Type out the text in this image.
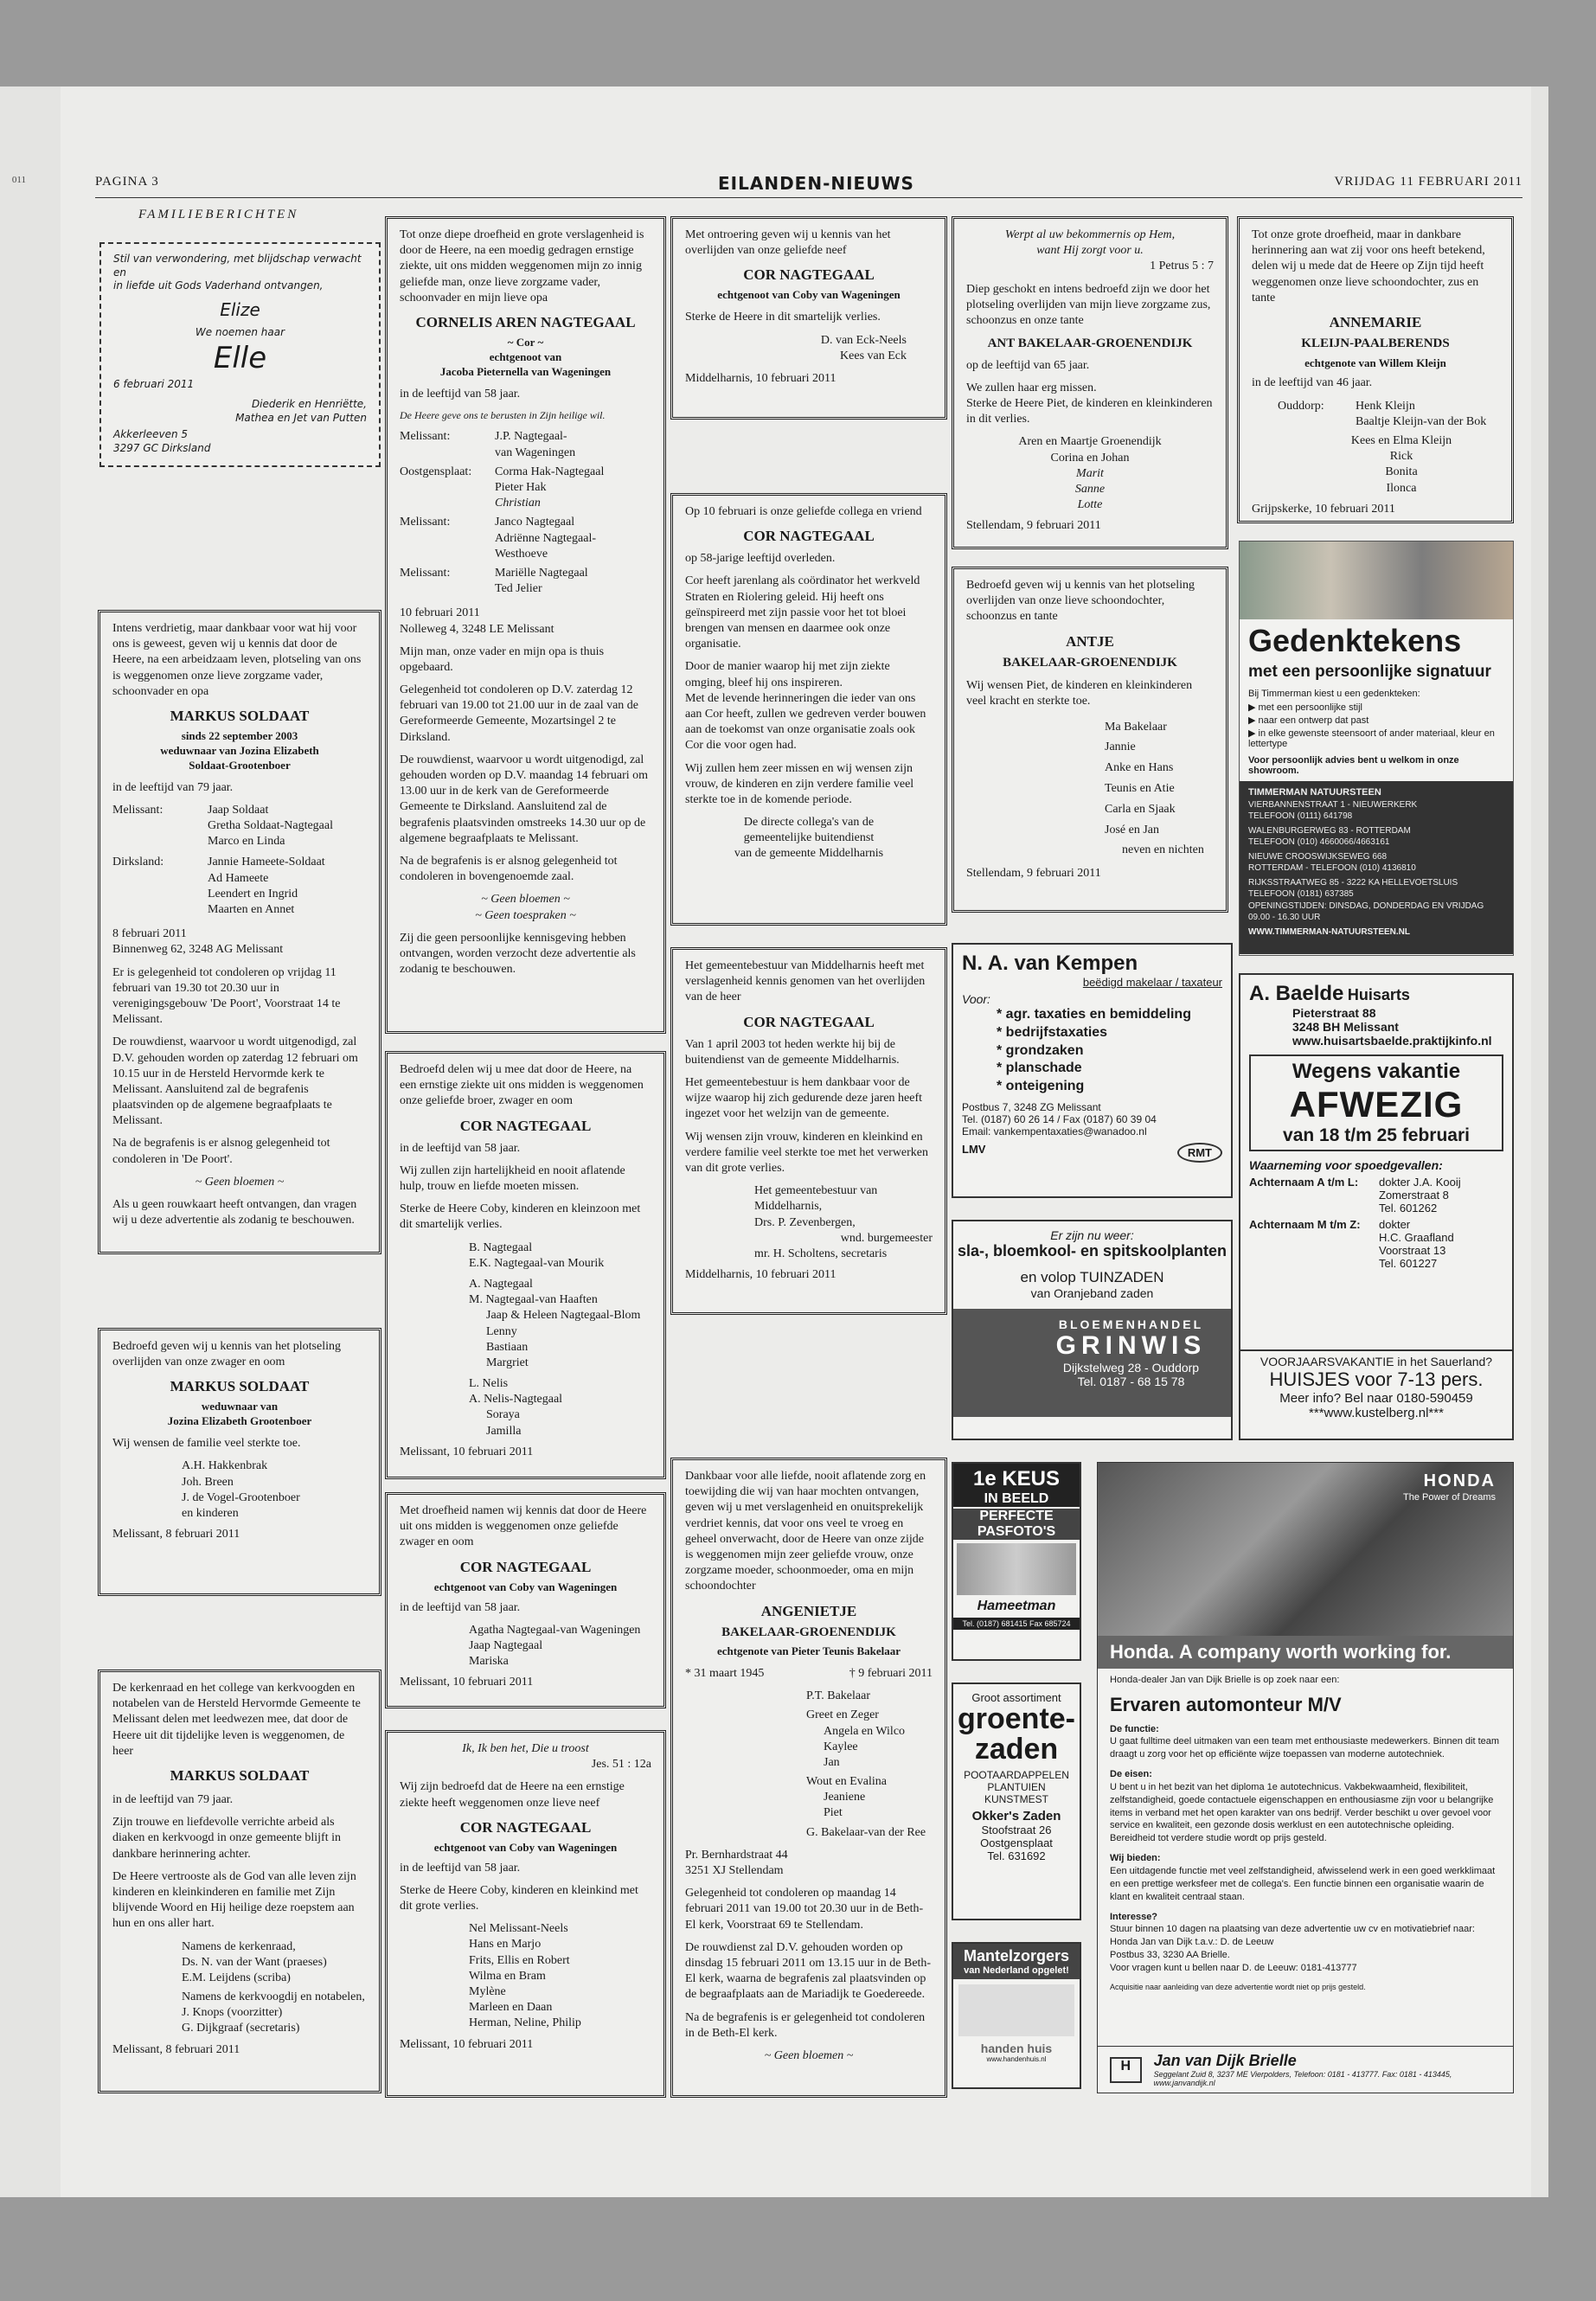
011	PAGINA 3	EILANDEN-NIEUWS	VRIJDAG 11 FEBRUARI 2011
FAMILIEBERICHTEN
Stil van verwondering, met blijdschap verwacht en
in liefde uit Gods Vaderhand ontvangen,
Elize
We noemen haar
Elle
6 februari 2011
Diederik en Henriëtte,
Mathea en Jet van Putten
Akkerleeven 5
3297 GC Dirksland

Intens verdrietig, maar dankbaar voor wat hij voor ons is geweest, geven wij u kennis dat door de Heere, na een arbeidzaam leven, plotseling van ons is weggenomen onze lieve zorgzame vader, schoonvader en opa

MARKUS SOLDAAT
sinds 22 september 2003
weduwnaar van Jozina Elizabeth
Soldaat-Grootenboer

in de leeftijd van 79 jaar.

Melissant:	Jaap Soldaat
Gretha Soldaat-Nagtegaal
Marco en Linda
Dirksland:	Jannie Hameete-Soldaat
Ad Hameete
Leendert en Ingrid
Maarten en Annet
8 februari 2011

Binnenweg 62, 3248 AG Melissant

Er is gelegenheid tot condoleren op vrijdag 11 februari van 19.30 tot 20.30 uur in verenigingsgebouw 'De Poort', Voorstraat 14 te Melissant.

De rouwdienst, waarvoor u wordt uitgenodigd, zal D.V. gehouden worden op zaterdag 12 februari om 10.15 uur in de Hersteld Hervormde kerk te Melissant. Aansluitend zal de begrafenis plaatsvinden op de algemene begraafplaats te Melissant.

Na de begrafenis is er alsnog gelegenheid tot condoleren in 'De Poort'.

~ Geen bloemen ~

Als u geen rouwkaart heeft ontvangen, dan vragen wij u deze advertentie als zodanig te beschouwen.

Bedroefd geven wij u kennis van het plotseling overlijden van onze zwager en oom

MARKUS SOLDAAT
weduwnaar van
Jozina Elizabeth Grootenboer

Wij wensen de familie veel sterkte toe.

A.H. Hakkenbrak
Joh. Breen
J. de Vogel-Grootenboer
en kinderen
Melissant, 8 februari 2011

De kerkenraad en het college van kerkvoogden en notabelen van de Hersteld Hervormde Gemeente te Melissant delen met leedwezen mee, dat door de Heere uit dit tijdelijke leven is weggenomen, de heer

MARKUS SOLDAAT

in de leeftijd van 79 jaar.

Zijn trouwe en liefdevolle verrichte arbeid als diaken en kerkvoogd in onze gemeente blijft in dankbare herinnering achter.

De Heere vertrooste als de God van alle leven zijn kinderen en kleinkinderen en familie met Zijn blijvende Woord en Hij heilige deze roepstem aan hun en ons aller hart.

Namens de kerkenraad,
Ds. N. van der Want (praeses)
E.M. Leijdens (scriba)
Namens de kerkvoogdij en notabelen,
J. Knops (voorzitter)
G. Dijkgraaf (secretaris)
Melissant, 8 februari 2011

Tot onze diepe droefheid en grote verslagenheid is door de Heere, na een moedig gedragen ernstige ziekte, uit ons midden weggenomen mijn zo innig geliefde man, onze lieve zorgzame vader, schoonvader en mijn lieve opa

CORNELIS AREN NAGTEGAAL
~ Cor ~
echtgenoot van
Jacoba Pieternella van Wageningen

in de leeftijd van 58 jaar.

De Heere geve ons te berusten in Zijn heilige wil.

Melissant:	J.P. Nagtegaal-
van Wageningen
Oostgensplaat:	Corma Hak-Nagtegaal
Pieter Hak
Christian
Melissant:	Janco Nagtegaal
Adriënne Nagtegaal-
Westhoeve
Melissant:	Mariëlle Nagtegaal
Ted Jelier
10 februari 2011

Nolleweg 4, 3248 LE Melissant

Mijn man, onze vader en mijn opa is thuis opgebaard.

Gelegenheid tot condoleren op D.V. zaterdag 12 februari van 19.00 tot 21.00 uur in de zaal van de Gereformeerde Gemeente, Mozartsingel 2 te Dirksland.

De rouwdienst, waarvoor u wordt uitgenodigd, zal gehouden worden op D.V. maandag 14 februari om 13.00 uur in de kerk van de Gereformeerde Gemeente te Dirksland. Aansluitend zal de begrafenis plaatsvinden omstreeks 14.30 uur op de algemene begraafplaats te Melissant.

Na de begrafenis is er alsnog gelegenheid tot condoleren in bovengenoemde zaal.

~ Geen bloemen ~

~ Geen toespraken ~

Zij die geen persoonlijke kennisgeving hebben ontvangen, worden verzocht deze advertentie als zodanig te beschouwen.

Bedroefd delen wij u mee dat door de Heere, na een ernstige ziekte uit ons midden is weggenomen onze geliefde broer, zwager en oom

COR NAGTEGAAL

in de leeftijd van 58 jaar.

Wij zullen zijn hartelijkheid en nooit aflatende hulp, trouw en liefde moeten missen.

Sterke de Heere Coby, kinderen en kleinzoon met dit smartelijk verlies.

B. Nagtegaal
E.K. Nagtegaal-van Mourik
A. Nagtegaal
M. Nagtegaal-van Haaften
Jaap & Heleen Nagtegaal-Blom
Lenny
Bastiaan
Margriet
L. Nelis
A. Nelis-Nagtegaal
Soraya
Jamilla
Melissant, 10 februari 2011

Met droefheid namen wij kennis dat door de Heere uit ons midden is weggenomen onze geliefde zwager en oom

COR NAGTEGAAL
echtgenoot van Coby van Wageningen

in de leeftijd van 58 jaar.

Agatha Nagtegaal-van Wageningen
Jaap Nagtegaal
Mariska
Melissant, 10 februari 2011
Ik, Ik ben het, Die u troost

Jes. 51 : 12a

Wij zijn bedroefd dat de Heere na een ernstige ziekte heeft weggenomen onze lieve neef

COR NAGTEGAAL
echtgenoot van Coby van Wageningen

in de leeftijd van 58 jaar.

Sterke de Heere Coby, kinderen en kleinkind met dit grote verlies.

Nel Melissant-Neels
Hans en Marjo
Frits, Ellis en Robert
Wilma en Bram
Mylène
Marleen en Daan
Herman, Neline, Philip
Melissant, 10 februari 2011

Met ontroering geven wij u kennis van het overlijden van onze geliefde neef

COR NAGTEGAAL
echtgenoot van Coby van Wageningen

Sterke de Heere in dit smartelijk verlies.

D. van Eck-Neels
Kees van Eck
Middelharnis, 10 februari 2011

Op 10 februari is onze geliefde collega en vriend

COR NAGTEGAAL

op 58-jarige leeftijd overleden.

Cor heeft jarenlang als coördinator het werkveld Straten en Riolering geleid. Hij heeft ons geïnspireerd met zijn passie voor het tot bloei brengen van mensen en daarmee ook onze organisatie.

Door de manier waarop hij met zijn ziekte omging, bleef hij ons inspireren.

Met de levende herinneringen die ieder van ons aan Cor heeft, zullen we gedreven verder bouwen aan de toekomst van onze organisatie zoals ook Cor die voor ogen had.

Wij zullen hem zeer missen en wij wensen zijn vrouw, de kinderen en zijn verdere familie veel sterkte toe in de komende periode.

De directe collega's van de
gemeentelijke buitendienst
van de gemeente Middelharnis

Het gemeentebestuur van Middelharnis heeft met verslagenheid kennis genomen van het overlijden van de heer

COR NAGTEGAAL

Van 1 april 2003 tot heden werkte hij bij de buitendienst van de gemeente Middelharnis.

Het gemeentebestuur is hem dankbaar voor de wijze waarop hij zich gedurende deze jaren heeft ingezet voor het welzijn van de gemeente.

Wij wensen zijn vrouw, kinderen en kleinkind en verdere familie veel sterkte toe met het verwerken van dit grote verlies.

Het gemeentebestuur van
Middelharnis,
Drs. P. Zevenbergen,
wnd. burgemeester
mr. H. Scholtens, secretaris
Middelharnis, 10 februari 2011

Dankbaar voor alle liefde, nooit aflatende zorg en toewijding die wij van haar mochten ontvangen, geven wij u met verslagenheid en onuitsprekelijk verdriet kennis, dat voor ons veel te vroeg en geheel onverwacht, door de Heere van onze zijde is weggenomen mijn zeer geliefde vrouw, onze zorgzame moeder, schoonmoeder, oma en mijn schoondochter

ANGENIETJE
BAKELAAR-GROENENDIJK
echtgenote van Pieter Teunis Bakelaar
* 31 maart 1945	† 9 februari 2011
P.T. Bakelaar
Greet en Zeger
Angela en Wilco
Kaylee
Jan
Wout en Evalina
Jeaniene
Piet
G. Bakelaar-van der Ree
Pr. Bernhardstraat 44

3251 XJ Stellendam

Gelegenheid tot condoleren op maandag 14 februari 2011 van 19.00 tot 20.30 uur in de Beth-El kerk, Voorstraat 69 te Stellendam.

De rouwdienst zal D.V. gehouden worden op dinsdag 15 februari 2011 om 13.15 uur in de Beth-El kerk, waarna de begrafenis zal plaatsvinden op de begraafplaats aan de Mariadijk te Goedereede.

Na de begrafenis is er gelegenheid tot condoleren in de Beth-El kerk.

~ Geen bloemen ~
Werpt al uw bekommernis op Hem,
want Hij zorgt voor u.

1 Petrus 5 : 7

Diep geschokt en intens bedroefd zijn we door het plotseling overlijden van mijn lieve zorgzame zus, schoonzus en onze tante

ANT BAKELAAR-GROENENDIJK

op de leeftijd van 65 jaar.

We zullen haar erg missen.

Sterke de Heere Piet, de kinderen en kleinkinderen in dit verlies.

Aren en Maartje Groenendijk
Corina en Johan
Marit
Sanne
Lotte
Stellendam, 9 februari 2011

Bedroefd geven wij u kennis van het plotseling overlijden van onze lieve schoondochter, schoonzus en tante

ANTJE
BAKELAAR-GROENENDIJK

Wij wensen Piet, de kinderen en kleinkinderen veel kracht en sterkte toe.

Ma Bakelaar
Jannie
Anke en Hans
Teunis en Atie
Carla en Sjaak
José en Jan
neven en nichten
Stellendam, 9 februari 2011

Tot onze grote droefheid, maar in dankbare herinnering aan wat zij voor ons heeft betekend, delen wij u mede dat de Heere op Zijn tijd heeft weggenomen onze lieve schoondochter, zus en tante

ANNEMARIE
KLEIJN-PAALBERENDS
echtgenote van Willem Kleijn

in de leeftijd van 46 jaar.

Ouddorp:	Henk Kleijn
Baaltje Kleijn-van der Bok
Kees en Elma Kleijn
Rick
Bonita
Ilonca
Grijpskerke, 10 februari 2011
Gedenktekens
met een persoonlijke signatuur
Bij Timmerman kiest u een gedenkteken:
▶ met een persoonlijke stijl
▶ naar een ontwerp dat past
▶ in elke gewenste steensoort of ander materiaal, kleur en lettertype
Voor persoonlijk advies bent u welkom in onze showroom.
TIMMERMAN NATUURSTEEN
VIERBANNENSTRAAT 1 - NIEUWERKERK
TELEFOON (0111) 641798
WALENBURGERWEG 83 - ROTTERDAM
TELEFOON (010) 4660066/4663161
NIEUWE CROOSWIJKSEWEG 668
ROTTERDAM - TELEFOON (010) 4136810
RIJKSSTRAATWEG 85 - 3222 KA HELLEVOETSLUIS
TELEFOON (0181) 637385
OPENINGSTIJDEN: DINSDAG, DONDERDAG EN VRIJDAG
09.00 - 16.30 UUR
WWW.TIMMERMAN-NATUURSTEEN.NL
N. A. van Kempen
beëdigd makelaar / taxateur
Voor:
* agr. taxaties en bemiddeling
* bedrijfstaxaties
* grondzaken
* planschade
* onteigening
Postbus 7, 3248 ZG Melissant
Tel. (0187) 60 26 14 / Fax (0187) 60 39 04
Email: vankempentaxaties@wanadoo.nl
LMV	RMT
A. Baelde Huisarts
Pieterstraat 88
3248 BH Melissant
www.huisartsbaelde.praktijkinfo.nl
Wegens vakantie
AFWEZIG
van 18 t/m 25 februari
Waarneming voor spoedgevallen:
Achternaam A t/m L:	dokter J.A. Kooij
Zomerstraat 8
Tel. 601262
Achternaam M t/m Z:	dokter
H.C. Graafland
Voorstraat 13
Tel. 601227
Er zijn nu weer:
sla-, bloemkool- en spitskoolplanten
en volop TUINZADEN
van Oranjeband zaden
BLOEMENHANDEL
GRINWIS
Dijkstelweg 28 - Ouddorp
Tel. 0187 - 68 15 78
VOORJAARSVAKANTIE in het Sauerland?
HUISJES voor 7-13 pers.
Meer info? Bel naar 0180-590459
***www.kustelberg.nl***
1e KEUS
IN BEELD
PERFECTE
PASFOTO'S
Hameetman
Tel. (0187) 681415 Fax 685724
Groot assortiment
groente-
zaden
POOTAARDAPPELEN
PLANTUIEN
KUNSTMEST
Okker's Zaden
Stoofstraat 26
Oostgensplaat
Tel. 631692
Mantelzorgers
van Nederland opgelet!
handen huis
www.handenhuis.nl
HONDA
The Power of Dreams
Honda. A company worth working for.
Honda-dealer Jan van Dijk Brielle is op zoek naar een:
Ervaren automonteur M/V
De functie:

U gaat fulltime deel uitmaken van een team met enthousiaste medewerkers. Binnen dit team draagt u zorg voor het op efficiënte wijze toepassen van moderne autotechniek.

De eisen:

U bent u in het bezit van het diploma 1e autotechnicus. Vakbekwaamheid, flexibiliteit, zelfstandigheid, goede contactuele eigenschappen en enthousiasme zijn voor u belangrijke items in verband met het open karakter van ons bedrijf. Verder beschikt u over gevoel voor service en kwaliteit, een gezonde dosis werklust en een autotechnische opleiding. Bereidheid tot verdere studie wordt op prijs gesteld.

Wij bieden:

Een uitdagende functie met veel zelfstandigheid, afwisselend werk in een goed werkklimaat en een prettige werksfeer met de collega's. Een functie binnen een organisatie waarin de klant en kwaliteit centraal staan.

Interesse?
Stuur binnen 10 dagen na plaatsing van deze advertentie uw cv en motivatiebrief naar: Honda Jan van Dijk t.a.v.: D. de Leeuw
Postbus 33, 3230 AA Brielle.

Voor vragen kunt u bellen naar D. de Leeuw: 0181-413777

Acquisitie naar aanleiding van deze advertentie wordt niet op prijs gesteld.

H	Jan van Dijk Brielle
Seggelant Zuid 8, 3237 ME Vierpolders, Telefoon: 0181 - 413777. Fax: 0181 - 413445, www.janvandijk.nl
